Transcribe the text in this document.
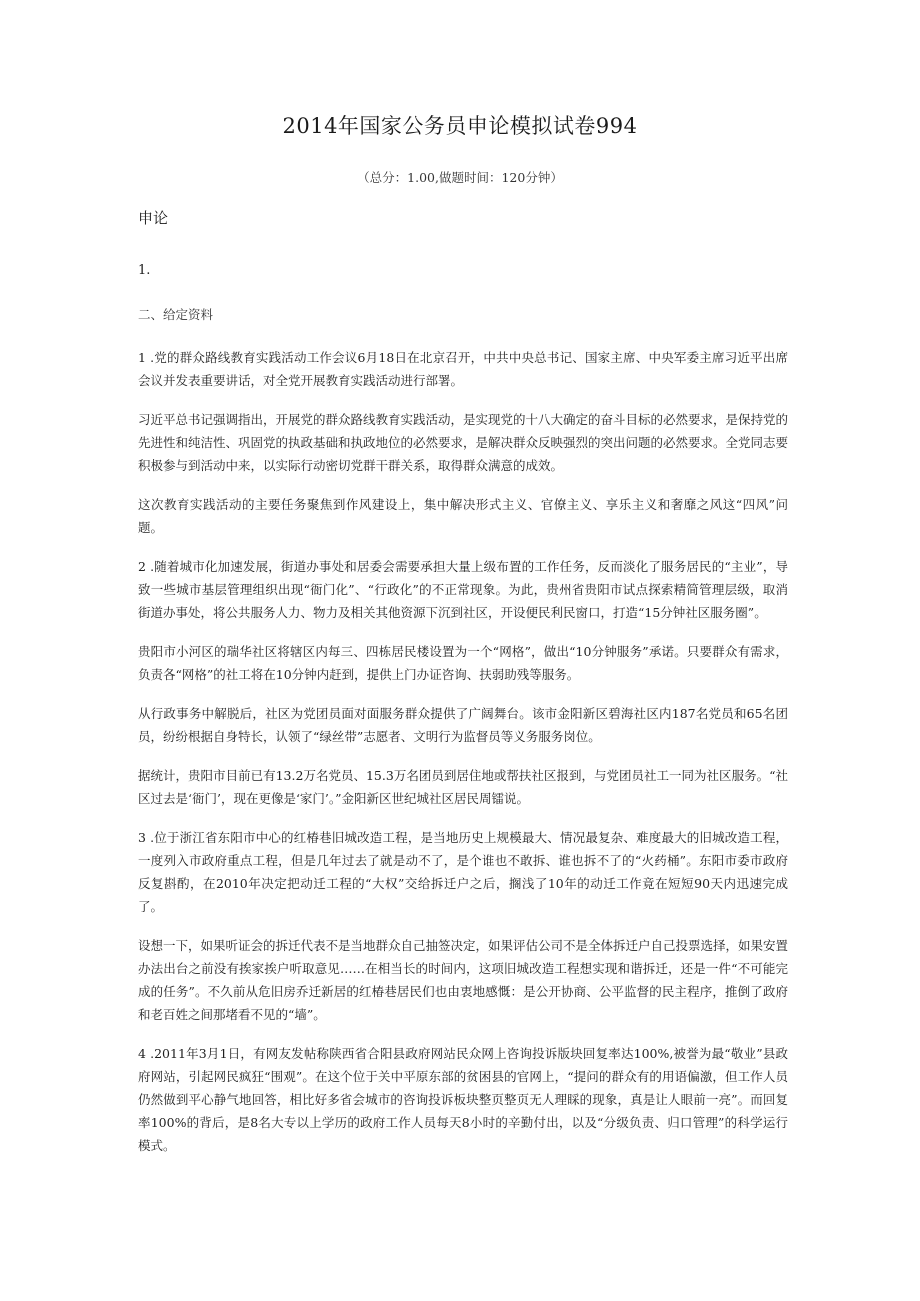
2014年国家公务员申论模拟试卷994
（总分：1.00,做题时间：120分钟）
申论
1.
二、给定资料

1 .党的群众路线教育实践活动工作会议6月18日在北京召开，中共中央总书记、国家主席、中央军委主席习近平出席会议并发表重要讲话，对全党开展教育实践活动进行部署。

习近平总书记强调指出，开展党的群众路线教育实践活动，是实现党的十八大确定的奋斗目标的必然要求，是保持党的先进性和纯洁性、巩固党的执政基础和执政地位的必然要求，是解决群众反映强烈的突出问题的必然要求。全党同志要积极参与到活动中来，以实际行动密切党群干群关系，取得群众满意的成效。

这次教育实践活动的主要任务聚焦到作风建设上，集中解决形式主义、官僚主义、享乐主义和奢靡之风这“四风”问题。

2 .随着城市化加速发展，街道办事处和居委会需要承担大量上级布置的工作任务，反而淡化了服务居民的“主业”，导致一些城市基层管理组织出现“衙门化”、“行政化”的不正常现象。为此，贵州省贵阳市试点探索精简管理层级，取消街道办事处，将公共服务人力、物力及相关其他资源下沉到社区，开设便民利民窗口，打造“15分钟社区服务圈”。

贵阳市小河区的瑞华社区将辖区内每三、四栋居民楼设置为一个“网格”，做出“10分钟服务”承诺。只要群众有需求，负责各“网格”的社工将在10分钟内赶到，提供上门办证咨询、扶弱助残等服务。

从行政事务中解脱后，社区为党团员面对面服务群众提供了广阔舞台。该市金阳新区碧海社区内187名党员和65名团员，纷纷根据自身特长，认领了“绿丝带”志愿者、文明行为监督员等义务服务岗位。

据统计，贵阳市目前已有13.2万名党员、15.3万名团员到居住地或帮扶社区报到，与党团员社工一同为社区服务。“社区过去是‘衙门’，现在更像是‘家门’。”金阳新区世纪城社区居民周镭说。

3 .位于浙江省东阳市中心的红椿巷旧城改造工程，是当地历史上规模最大、情况最复杂、难度最大的旧城改造工程，一度列入市政府重点工程，但是几年过去了就是动不了，是个谁也不敢拆、谁也拆不了的“火药桶”。东阳市委市政府反复斟酌，在2010年决定把动迁工程的“大权”交给拆迁户之后，搁浅了10年的动迁工作竟在短短90天内迅速完成了。

设想一下，如果听证会的拆迁代表不是当地群众自己抽签决定，如果评估公司不是全体拆迁户自己投票选择，如果安置办法出台之前没有挨家挨户听取意见……在相当长的时间内，这项旧城改造工程想实现和谐拆迁，还是一件“不可能完成的任务”。不久前从危旧房乔迁新居的红椿巷居民们也由衷地感慨：是公开协商、公平监督的民主程序，推倒了政府和老百姓之间那堵看不见的“墙”。

4 .2011年3月1日，有网友发帖称陕西省合阳县政府网站民众网上咨询投诉版块回复率达100%,被誉为最“敬业”县政府网站，引起网民疯狂“围观”。在这个位于关中平原东部的贫困县的官网上，“提问的群众有的用语偏激，但工作人员仍然做到平心静气地回答，相比好多省会城市的咨询投诉板块整页整页无人理睬的现象，真是让人眼前一亮”。而回复率100%的背后，是8名大专以上学历的政府工作人员每天8小时的辛勤付出，以及“分级负责、归口管理”的科学运行模式。
